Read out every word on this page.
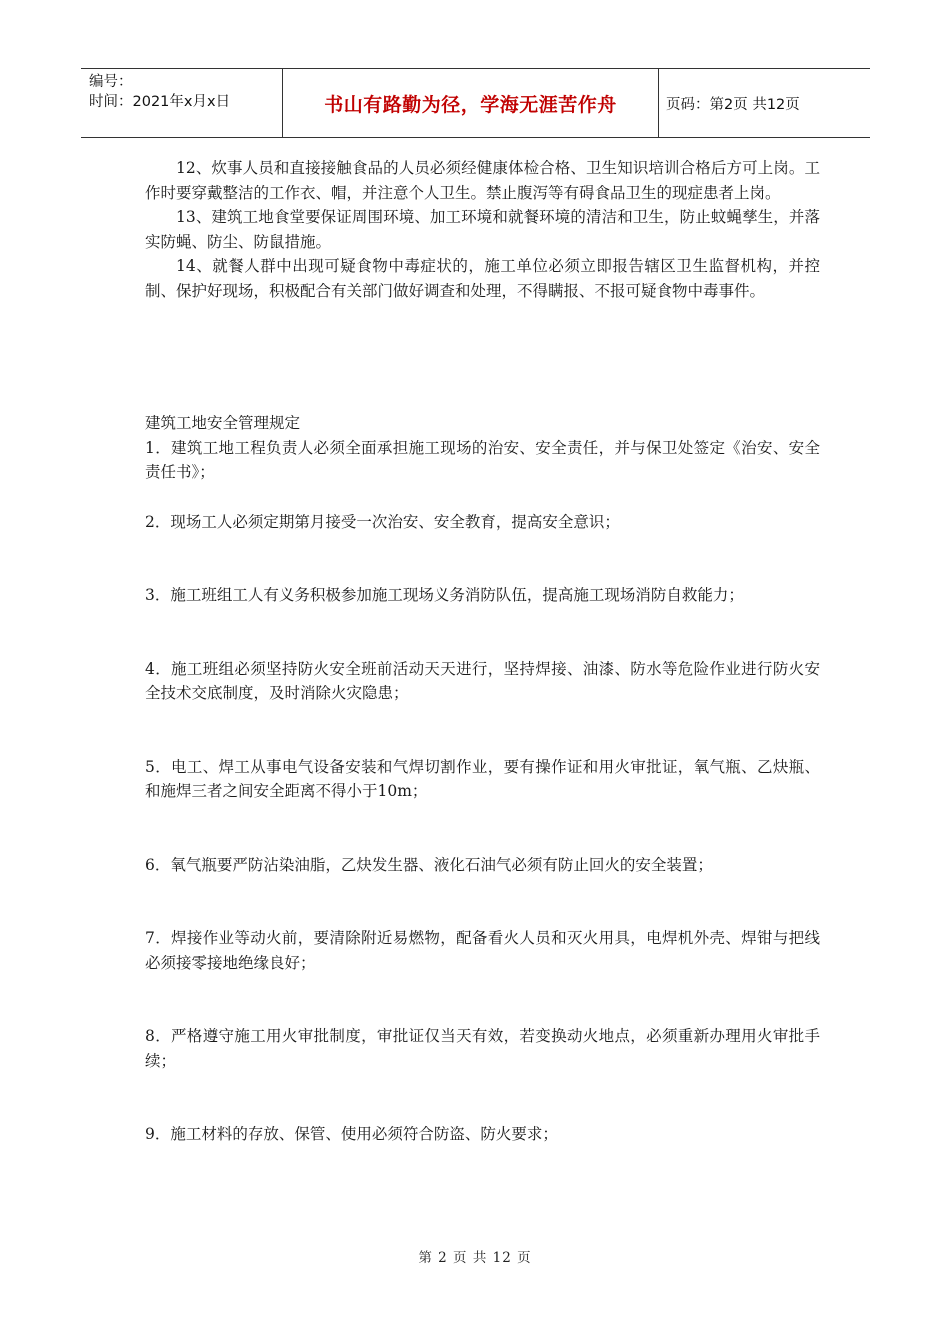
编号：
时间：2021年x月x日	书山有路勤为径，学海无涯苦作舟	页码：第2页 共12页

12、炊事人员和直接接触食品的人员必须经健康体检合格、卫生知识培训合格后方可上岗。工作时要穿戴整洁的工作衣、帽，并注意个人卫生。禁止腹泻等有碍食品卫生的现症患者上岗。

13、建筑工地食堂要保证周围环境、加工环境和就餐环境的清洁和卫生，防止蚊蝇孳生，并落实防蝇、防尘、防鼠措施。

14、就餐人群中出现可疑食物中毒症状的，施工单位必须立即报告辖区卫生监督机构，并控制、保护好现场，积极配合有关部门做好调查和处理，不得瞒报、不报可疑食物中毒事件。

建筑工地安全管理规定

1．建筑工地工程负责人必须全面承担施工现场的治安、安全责任，并与保卫处签定《治安、安全责任书》；

2．现场工人必须定期第月接受一次治安、安全教育，提高安全意识；

3．施工班组工人有义务积极参加施工现场义务消防队伍，提高施工现场消防自救能力；

4．施工班组必须坚持防火安全班前活动天天进行，坚持焊接、油漆、防水等危险作业进行防火安全技术交底制度，及时消除火灾隐患；

5．电工、焊工从事电气设备安装和气焊切割作业，要有操作证和用火审批证，氧气瓶、乙炔瓶、和施焊三者之间安全距离不得小于10m；

6．氧气瓶要严防沾染油脂，乙炔发生器、液化石油气必须有防止回火的安全装置；

7．焊接作业等动火前，要清除附近易燃物，配备看火人员和灭火用具，电焊机外壳、焊钳与把线必须接零接地绝缘良好；

8．严格遵守施工用火审批制度，审批证仅当天有效，若变换动火地点，必须重新办理用火审批手续；

9．施工材料的存放、保管、使用必须符合防盗、防火要求；

第 2 页 共 12 页
